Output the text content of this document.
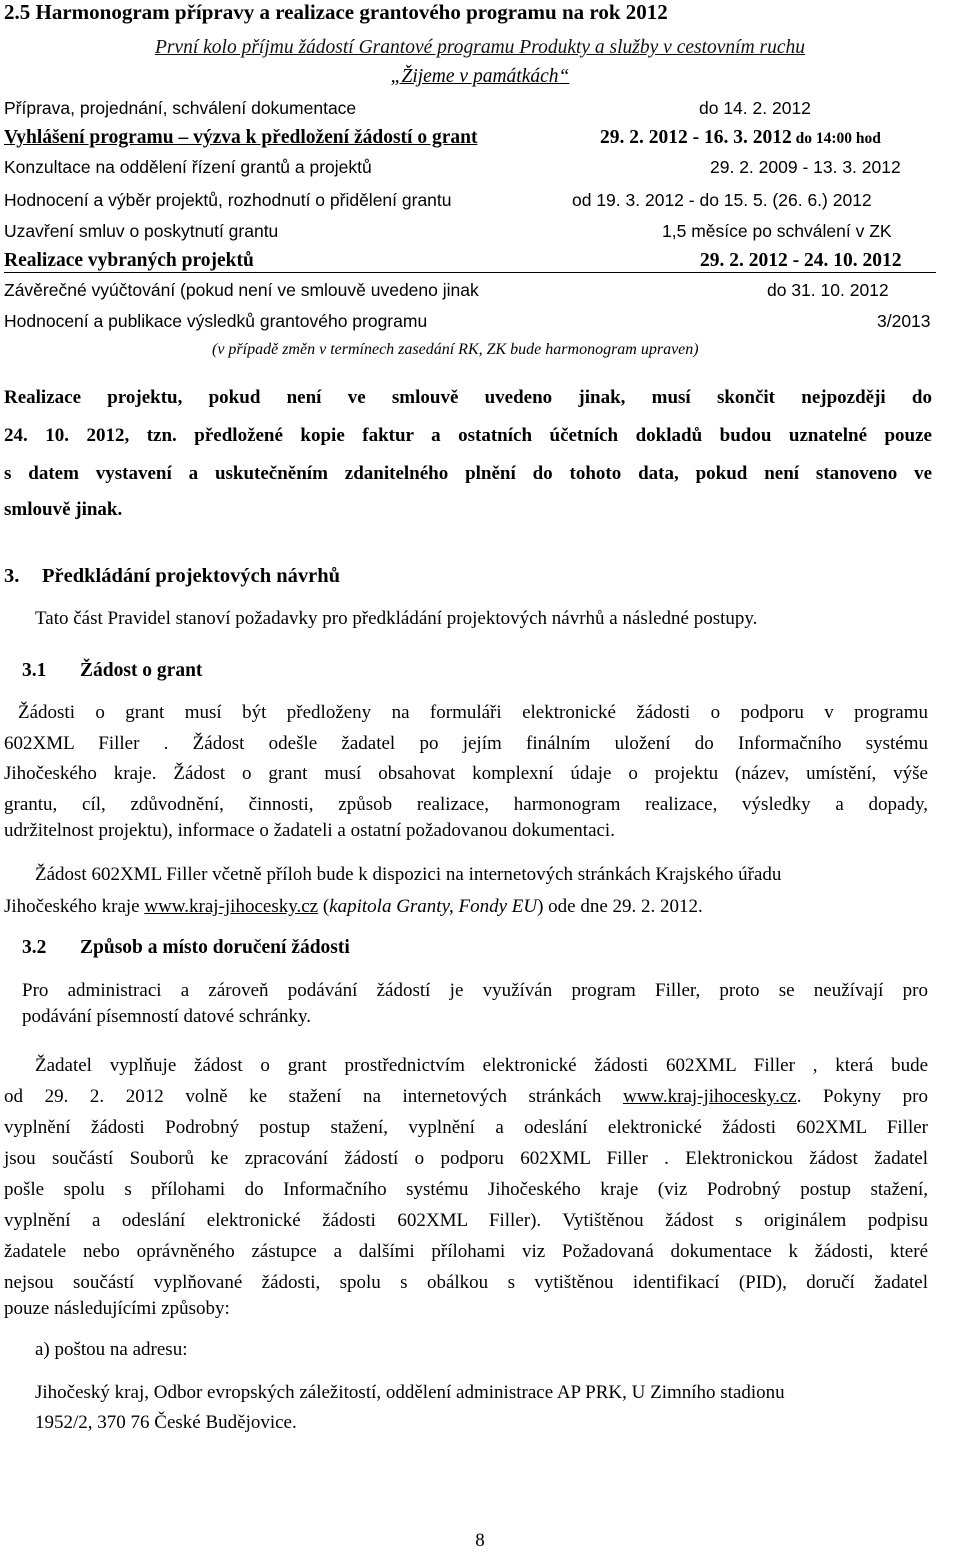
2.5 Harmonogram přípravy a realizace grantového programu na rok 2012
První kolo příjmu žádostí Grantové programu Produkty a služby v cestovním ruchu
„Žijeme v památkách“
Příprava, projednání, schválení dokumentace	do 14. 2. 2012
Vyhlášení programu – výzva k předložení žádostí o grant	29. 2. 2012 - 16. 3. 2012 do 14:00 hod
Konzultace na oddělení řízení grantů a projektů	29. 2. 2009 - 13. 3. 2012
Hodnocení a výběr projektů, rozhodnutí o přidělení grantu	od 19. 3. 2012 - do 15. 5. (26. 6.) 2012
Uzavření smluv o poskytnutí grantu	1,5 měsíce po schválení v ZK
Realizace vybraných projektů	29. 2. 2012 - 24. 10. 2012
Závěrečné vyúčtování (pokud není ve smlouvě uvedeno jinak	do 31. 10. 2012
Hodnocení a publikace výsledků grantového programu	3/2013
(v případě změn v termínech zasedání RK, ZK bude harmonogram upraven)
Realizace projektu, pokud není ve smlouvě uvedeno jinak, musí skončit nejpozději do
24. 10. 2012, tzn. předložené kopie faktur a ostatních účetních dokladů budou uznatelné pouze
s datem vystavení a uskutečněním zdanitelného plnění do tohoto data, pokud není stanoveno ve
smlouvě jinak.
3. Předkládání projektových návrhů
Tato část Pravidel stanoví požadavky pro předkládání projektových návrhů a následné postupy.
3.1 Žádost o grant
Žádosti o grant musí být předloženy na formuláři elektronické žádosti o podporu v programu
602XML Filler . Žádost odešle žadatel po jejím finálním uložení do Informačního systému
Jihočeského kraje. Žádost o grant musí obsahovat komplexní údaje o projektu (název, umístění, výše
grantu, cíl, zdůvodnění, činnosti, způsob realizace, harmonogram realizace, výsledky a dopady,
udržitelnost projektu), informace o žadateli a ostatní požadovanou dokumentaci.
Žádost 602XML Filler včetně příloh bude k dispozici na internetových stránkách Krajského úřadu
Jihočeského kraje www.kraj-jihocesky.cz (kapitola Granty, Fondy EU) ode dne 29. 2. 2012.
3.2 Způsob a místo doručení žádosti
Pro administraci a zároveň podávání žádostí je využíván program Filler, proto se neužívají pro
podávání písemností datové schránky.
Žadatel vyplňuje žádost o grant prostřednictvím elektronické žádosti 602XML Filler , která bude
od 29. 2. 2012 volně ke stažení na internetových stránkách www.kraj-jihocesky.cz. Pokyny pro
vyplnění žádosti Podrobný postup stažení, vyplnění a odeslání elektronické žádosti 602XML Filler
jsou součástí Souborů ke zpracování žádostí o podporu 602XML Filler . Elektronickou žádost žadatel
pošle spolu s přílohami do Informačního systému Jihočeského kraje (viz Podrobný postup stažení,
vyplnění a odeslání elektronické žádosti 602XML Filler). Vytištěnou žádost s originálem podpisu
žadatele nebo oprávněného zástupce a dalšími přílohami viz Požadovaná dokumentace k žádosti, které
nejsou součástí vyplňované žádosti, spolu s obálkou s vytištěnou identifikací (PID), doručí žadatel
pouze následujícími způsoby:
a) poštou na adresu:
Jihočeský kraj, Odbor evropských záležitostí, oddělení administrace AP PRK, U Zimního stadionu
1952/2, 370 76 České Budějovice.
8
